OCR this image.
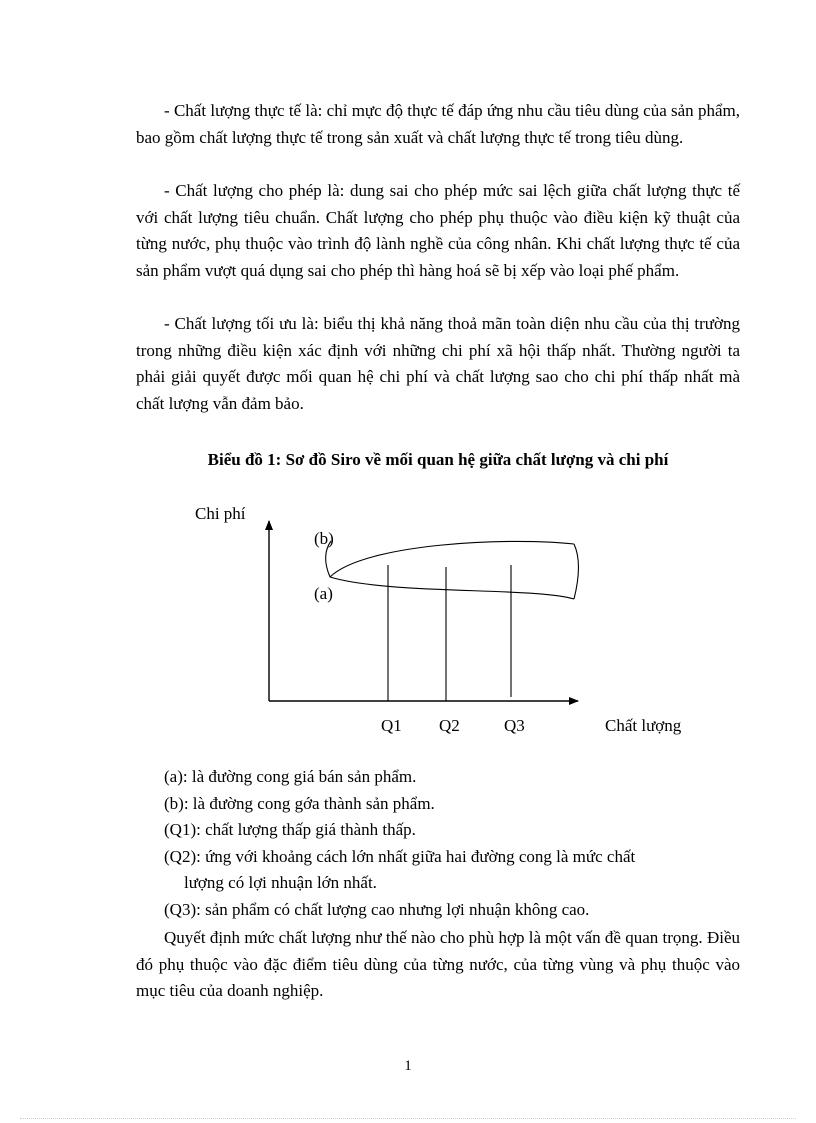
- Chất lượng thực tế là: chỉ mực độ thực tế đáp ứng nhu cầu tiêu dùng của sản phẩm, bao gồm chất lượng thực tế trong sản xuất và chất lượng thực tế trong tiêu dùng.

- Chất lượng cho phép là: dung sai cho phép mức sai lệch giữa chất lượng thực tế với chất lượng tiêu chuẩn. Chất lượng cho phép phụ thuộc vào điều kiện kỹ thuật của từng nước, phụ thuộc vào trình độ lành nghề của công nhân. Khi chất lượng thực tế của sản phẩm vượt quá dụng sai cho phép thì hàng hoá sẽ bị xếp vào loại phế phẩm.

- Chất lượng tối ưu là: biểu thị khả năng thoả mãn toàn diện nhu cầu của thị trường trong những điều kiện xác định với những chi phí xã hội thấp nhất. Thường người ta phải giải quyết được mối quan hệ chi phí và chất lượng sao cho chi phí thấp nhất mà chất lượng vẫn đảm bảo.

Biểu đồ 1: Sơ đồ Siro về mối quan hệ giữa chất lượng và chi phí

Chi phí
Chất lượng
(b)
(a)
Q1 Q2	Q3
(a): là đường cong giá bán sản phẩm.
(b): là đường cong gớa thành sản phẩm.
(Q1): chất lượng thấp giá thành thấp.
(Q2): ứng với khoảng cách lớn nhất giữa hai đường cong là mức chất
lượng có lợi nhuận lớn nhất.
(Q3): sản phẩm có chất lượng cao nhưng lợi nhuận không cao.

Quyết định mức chất lượng như thế nào cho phù hợp là một vấn đề quan trọng. Điều đó phụ thuộc vào đặc điểm tiêu dùng của từng nước, của từng vùng và phụ thuộc vào mục tiêu của doanh nghiệp.

1
